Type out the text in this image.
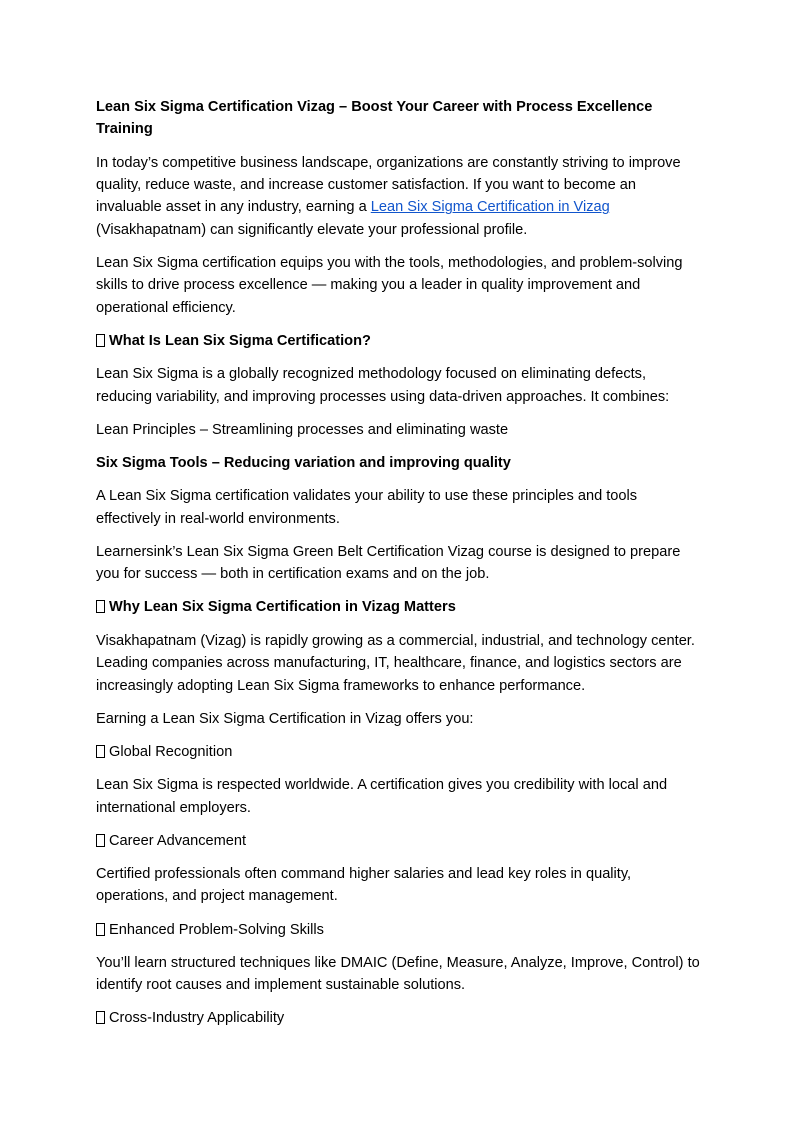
Lean Six Sigma Certification Vizag – Boost Your Career with Process Excellence Training

In today’s competitive business landscape, organizations are constantly striving to improve quality, reduce waste, and increase customer satisfaction. If you want to become an invaluable asset in any industry, earning a Lean Six Sigma Certification in Vizag (Visakhapatnam) can significantly elevate your professional profile.

Lean Six Sigma certification equips you with the tools, methodologies, and problem-solving skills to drive process excellence — making you a leader in quality improvement and operational efficiency.

What Is Lean Six Sigma Certification?

Lean Six Sigma is a globally recognized methodology focused on eliminating defects, reducing variability, and improving processes using data-driven approaches. It combines:

Lean Principles – Streamlining processes and eliminating waste

Six Sigma Tools – Reducing variation and improving quality

A Lean Six Sigma certification validates your ability to use these principles and tools effectively in real-world environments.

Learnersink’s Lean Six Sigma Green Belt Certification Vizag course is designed to prepare you for success — both in certification exams and on the job.

Why Lean Six Sigma Certification in Vizag Matters

Visakhapatnam (Vizag) is rapidly growing as a commercial, industrial, and technology center. Leading companies across manufacturing, IT, healthcare, finance, and logistics sectors are increasingly adopting Lean Six Sigma frameworks to enhance performance.

Earning a Lean Six Sigma Certification in Vizag offers you:

Global Recognition

Lean Six Sigma is respected worldwide. A certification gives you credibility with local and international employers.

Career Advancement

Certified professionals often command higher salaries and lead key roles in quality, operations, and project management.

Enhanced Problem-Solving Skills

You’ll learn structured techniques like DMAIC (Define, Measure, Analyze, Improve, Control) to identify root causes and implement sustainable solutions.

Cross-Industry Applicability
